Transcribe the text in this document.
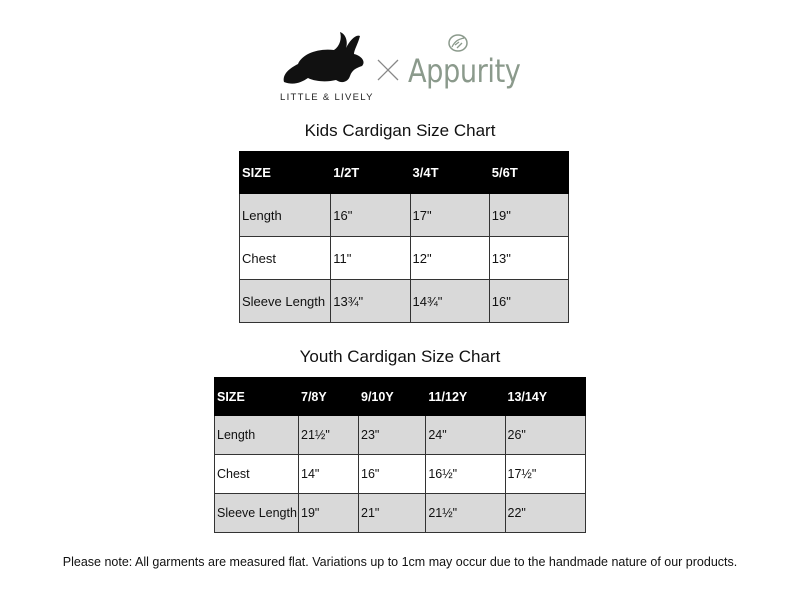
LITTLE & LIVELY
Appurity
Kids Cardigan Size Chart
SIZE	1/2T	3/4T	5/6T
Length	16"	17"	19"
Chest	11"	12"	13"
Sleeve Length	13¾"	14¾"	16"
Youth Cardigan Size Chart
SIZE	7/8Y	9/10Y	11/12Y	13/14Y
Length	21½"	23"	24"	26"
Chest	14"	16"	16½"	17½"
Sleeve Length	19"	21"	21½"	22"
Please note: All garments are measured flat. Variations up to 1cm may occur due to the handmade nature of our products.
